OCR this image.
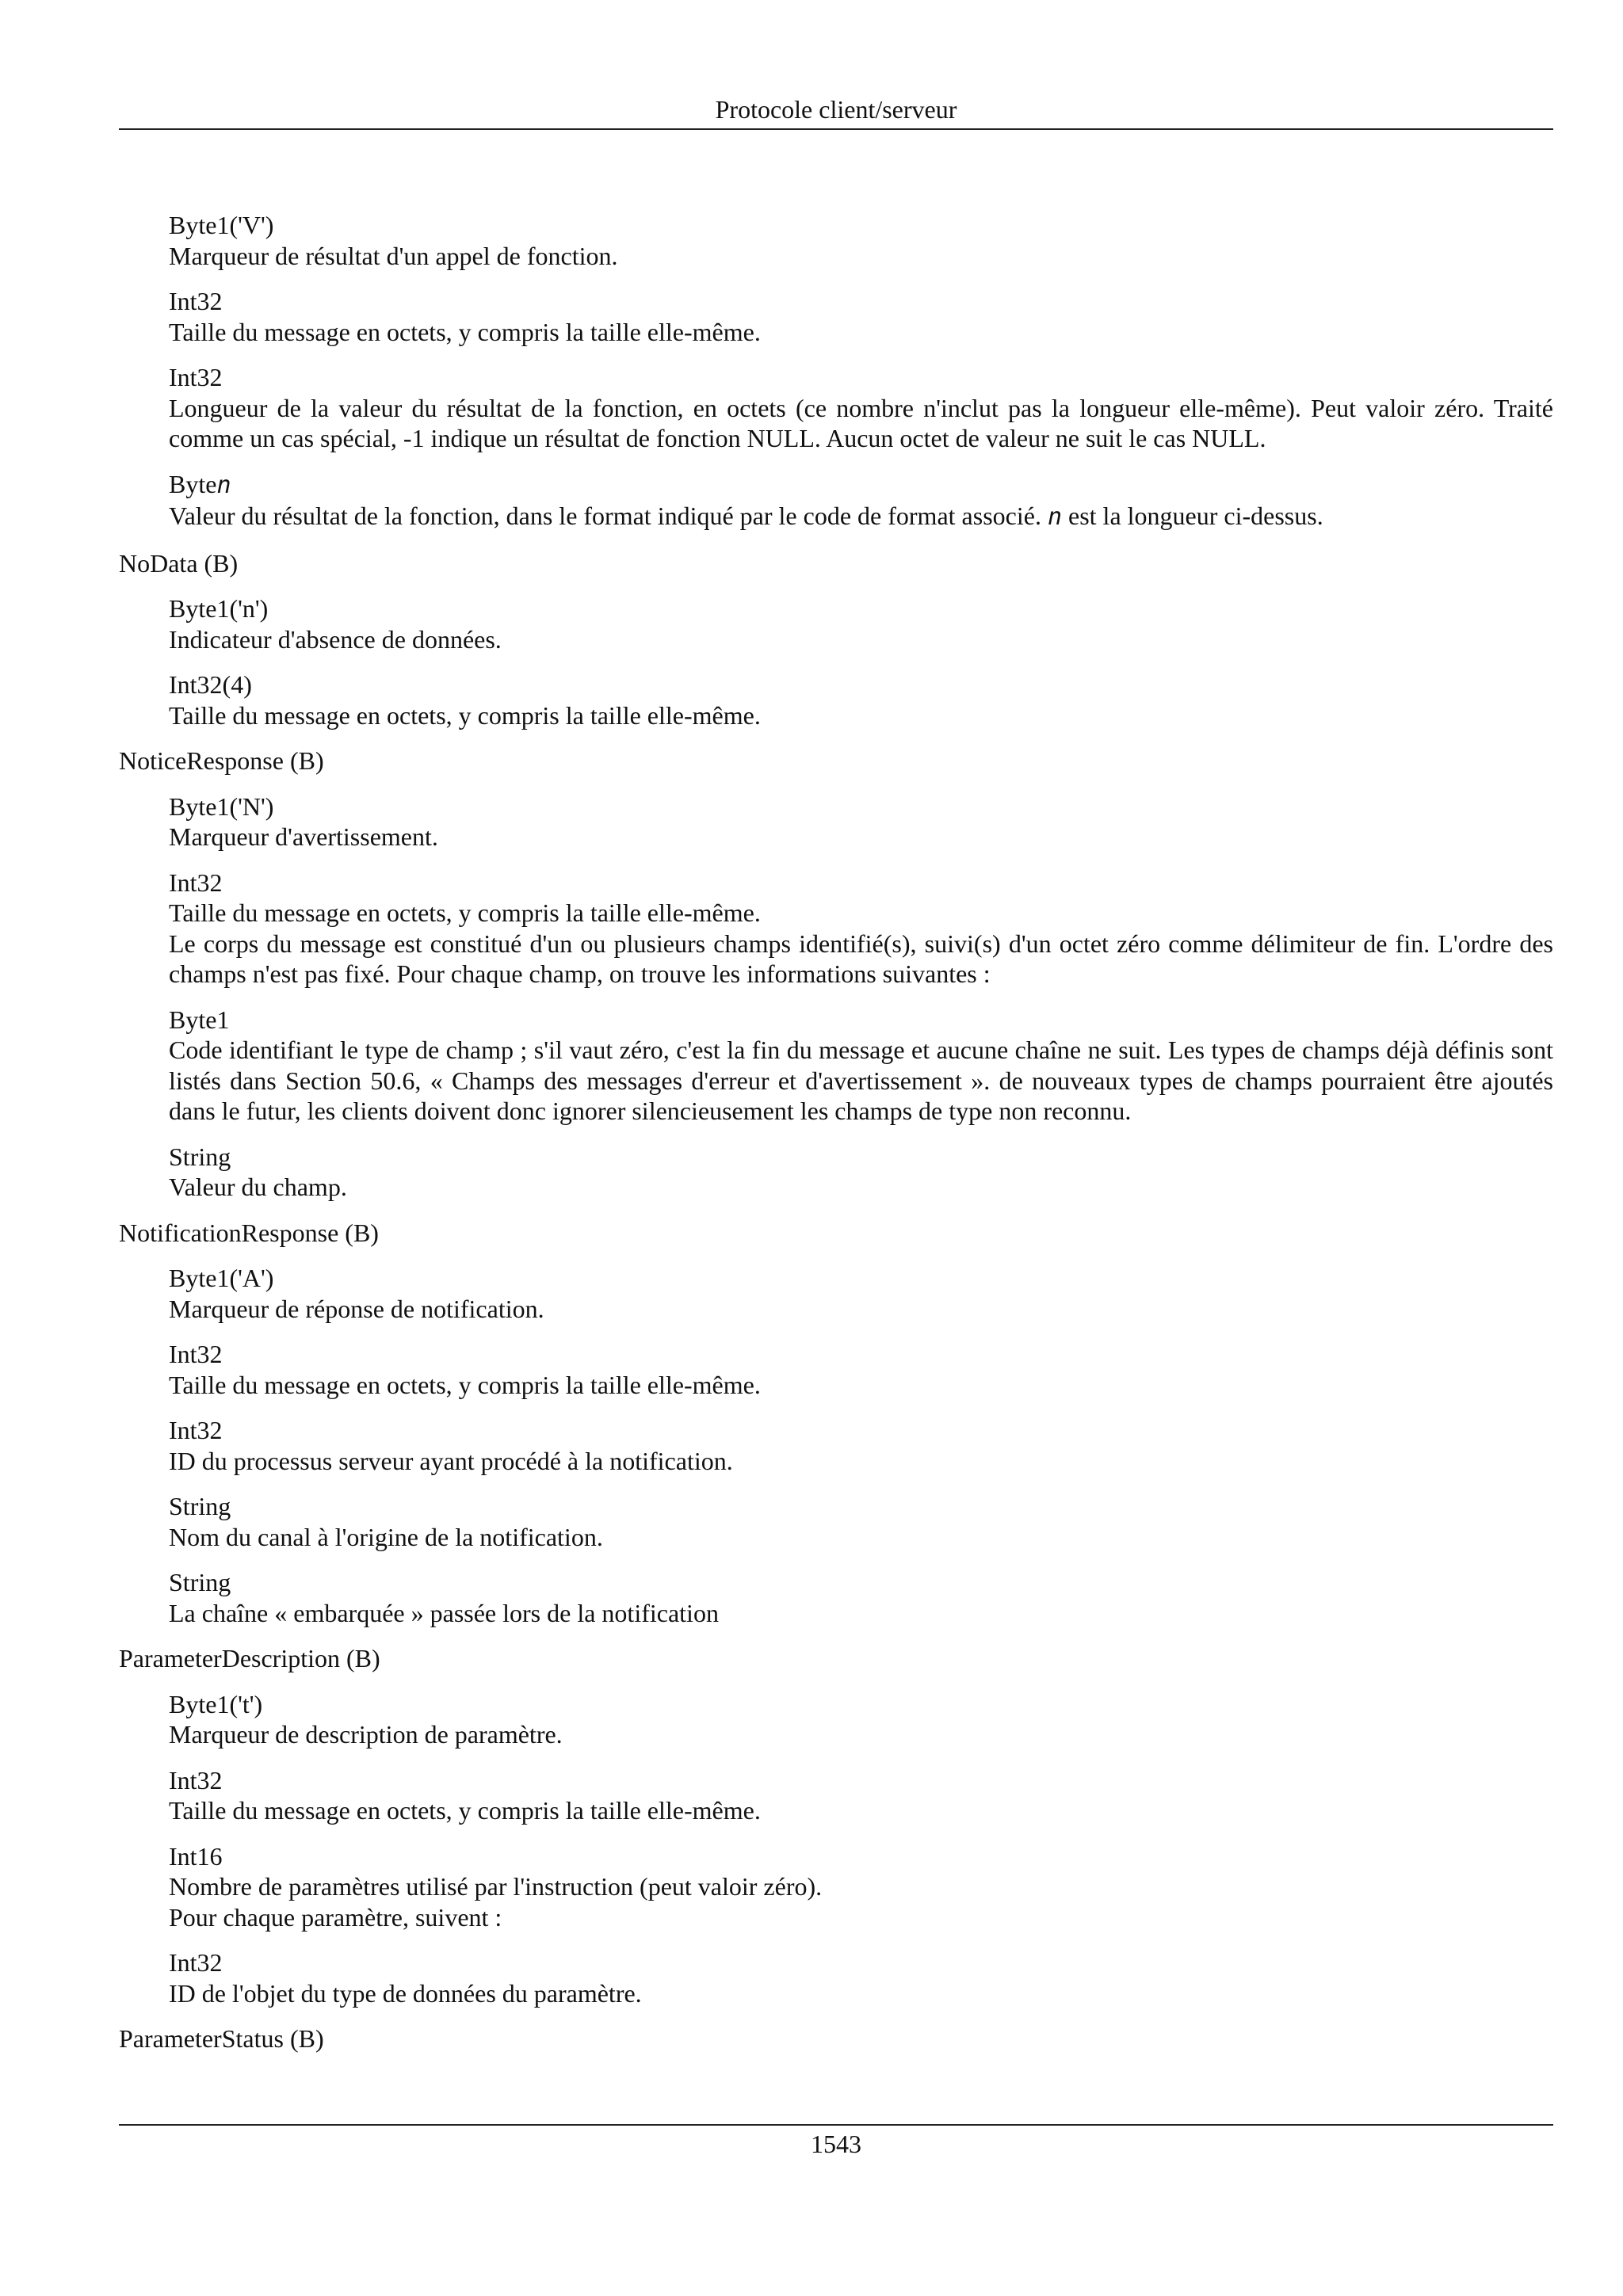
Protocole client/serveur
Byte1('V')
Marqueur de résultat d'un appel de fonction.
Int32
Taille du message en octets, y compris la taille elle-même.
Int32
Longueur de la valeur du résultat de la fonction, en octets (ce nombre n'inclut pas la longueur elle-même). Peut valoir zéro. Traité comme un cas spécial, -1 indique un résultat de fonction NULL. Aucun octet de valeur ne suit le cas NULL.
Byten
Valeur du résultat de la fonction, dans le format indiqué par le code de format associé. n est la longueur ci-dessus.
NoData (B)
Byte1('n')
Indicateur d'absence de données.
Int32(4)
Taille du message en octets, y compris la taille elle-même.
NoticeResponse (B)
Byte1('N')
Marqueur d'avertissement.
Int32
Taille du message en octets, y compris la taille elle-même.
Le corps du message est constitué d'un ou plusieurs champs identifié(s), suivi(s) d'un octet zéro comme délimiteur de fin. L'ordre des champs n'est pas fixé. Pour chaque champ, on trouve les informations suivantes :
Byte1
Code identifiant le type de champ ; s'il vaut zéro, c'est la fin du message et aucune chaîne ne suit. Les types de champs déjà définis sont listés dans Section 50.6, « Champs des messages d'erreur et d'avertissement ». de nouveaux types de champs pourraient être ajoutés dans le futur, les clients doivent donc ignorer silencieusement les champs de type non reconnu.
String
Valeur du champ.
NotificationResponse (B)
Byte1('A')
Marqueur de réponse de notification.
Int32
Taille du message en octets, y compris la taille elle-même.
Int32
ID du processus serveur ayant procédé à la notification.
String
Nom du canal à l'origine de la notification.
String
La chaîne « embarquée » passée lors de la notification
ParameterDescription (B)
Byte1('t')
Marqueur de description de paramètre.
Int32
Taille du message en octets, y compris la taille elle-même.
Int16
Nombre de paramètres utilisé par l'instruction (peut valoir zéro).
Pour chaque paramètre, suivent :
Int32
ID de l'objet du type de données du paramètre.
ParameterStatus (B)
1543
